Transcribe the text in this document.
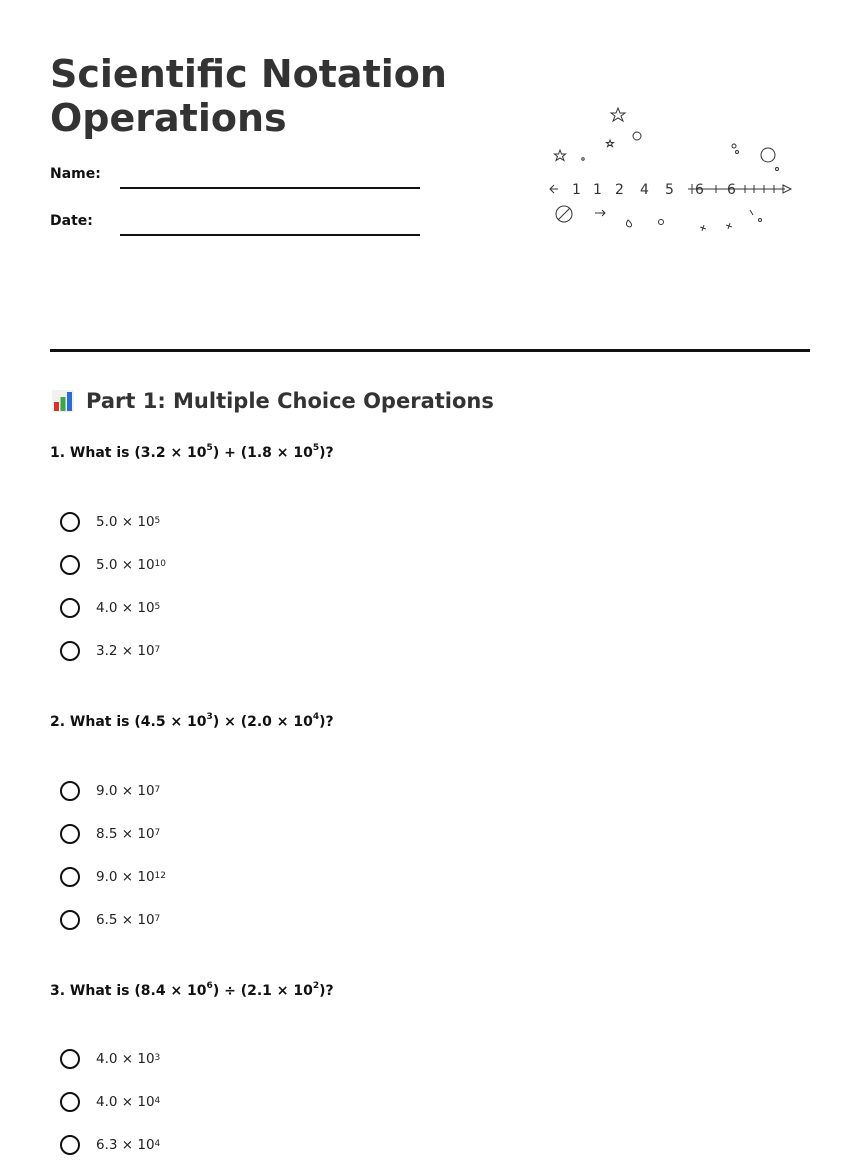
Scientific Notation Operations
Name:
Date:
1 1 2 4 5 6 6
Part 1: Multiple Choice Operations
1. What is $(3.2 \times 10^5) + (1.8 \times 10^5)$?
$5.0 \times 10^5$
$5.0 \times 10^{10}$
$4.0 \times 10^5$
$3.2 \times 10^7$
2. What is $(4.5 \times 10^3) \times (2.0 \times 10^4)$?
$9.0 \times 10^7$
$8.5 \times 10^7$
$9.0 \times 10^{12}$
$6.5 \times 10^7$
3. What is $(8.4 \times 10^6) \div (2.1 \times 10^2)$?
$4.0 \times 10^3$
$4.0 \times 10^4$
$6.3 \times 10^4$
